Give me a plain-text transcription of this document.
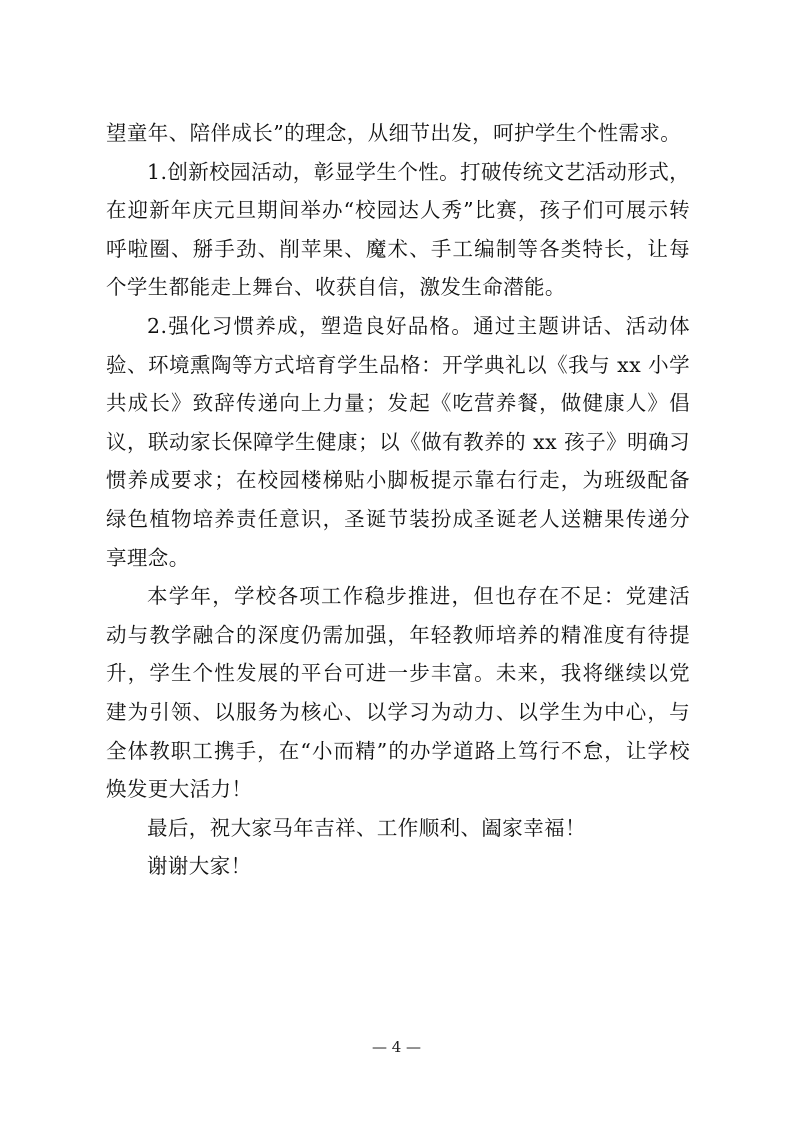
望童年、陪伴成长”的理念，从细节出发，呵护学生个性需求。

1.创新校园活动，彰显学生个性。打破传统文艺活动形式，在迎新年庆元旦期间举办“校园达人秀”比赛，孩子们可展示转呼啦圈、掰手劲、削苹果、魔术、手工编制等各类特长，让每个学生都能走上舞台、收获自信，激发生命潜能。

2.强化习惯养成，塑造良好品格。通过主题讲话、活动体验、环境熏陶等方式培育学生品格：开学典礼以《我与 xx 小学共成长》致辞传递向上力量；发起《吃营养餐，做健康人》倡议，联动家长保障学生健康；以《做有教养的 xx 孩子》明确习惯养成要求；在校园楼梯贴小脚板提示靠右行走，为班级配备绿色植物培养责任意识，圣诞节装扮成圣诞老人送糖果传递分享理念。

本学年，学校各项工作稳步推进，但也存在不足：党建活动与教学融合的深度仍需加强，年轻教师培养的精准度有待提升，学生个性发展的平台可进一步丰富。未来，我将继续以党建为引领、以服务为核心、以学习为动力、以学生为中心，与全体教职工携手，在“小而精”的办学道路上笃行不怠，让学校焕发更大活力！

最后，祝大家马年吉祥、工作顺利、阖家幸福！

谢谢大家！

— 4 —
